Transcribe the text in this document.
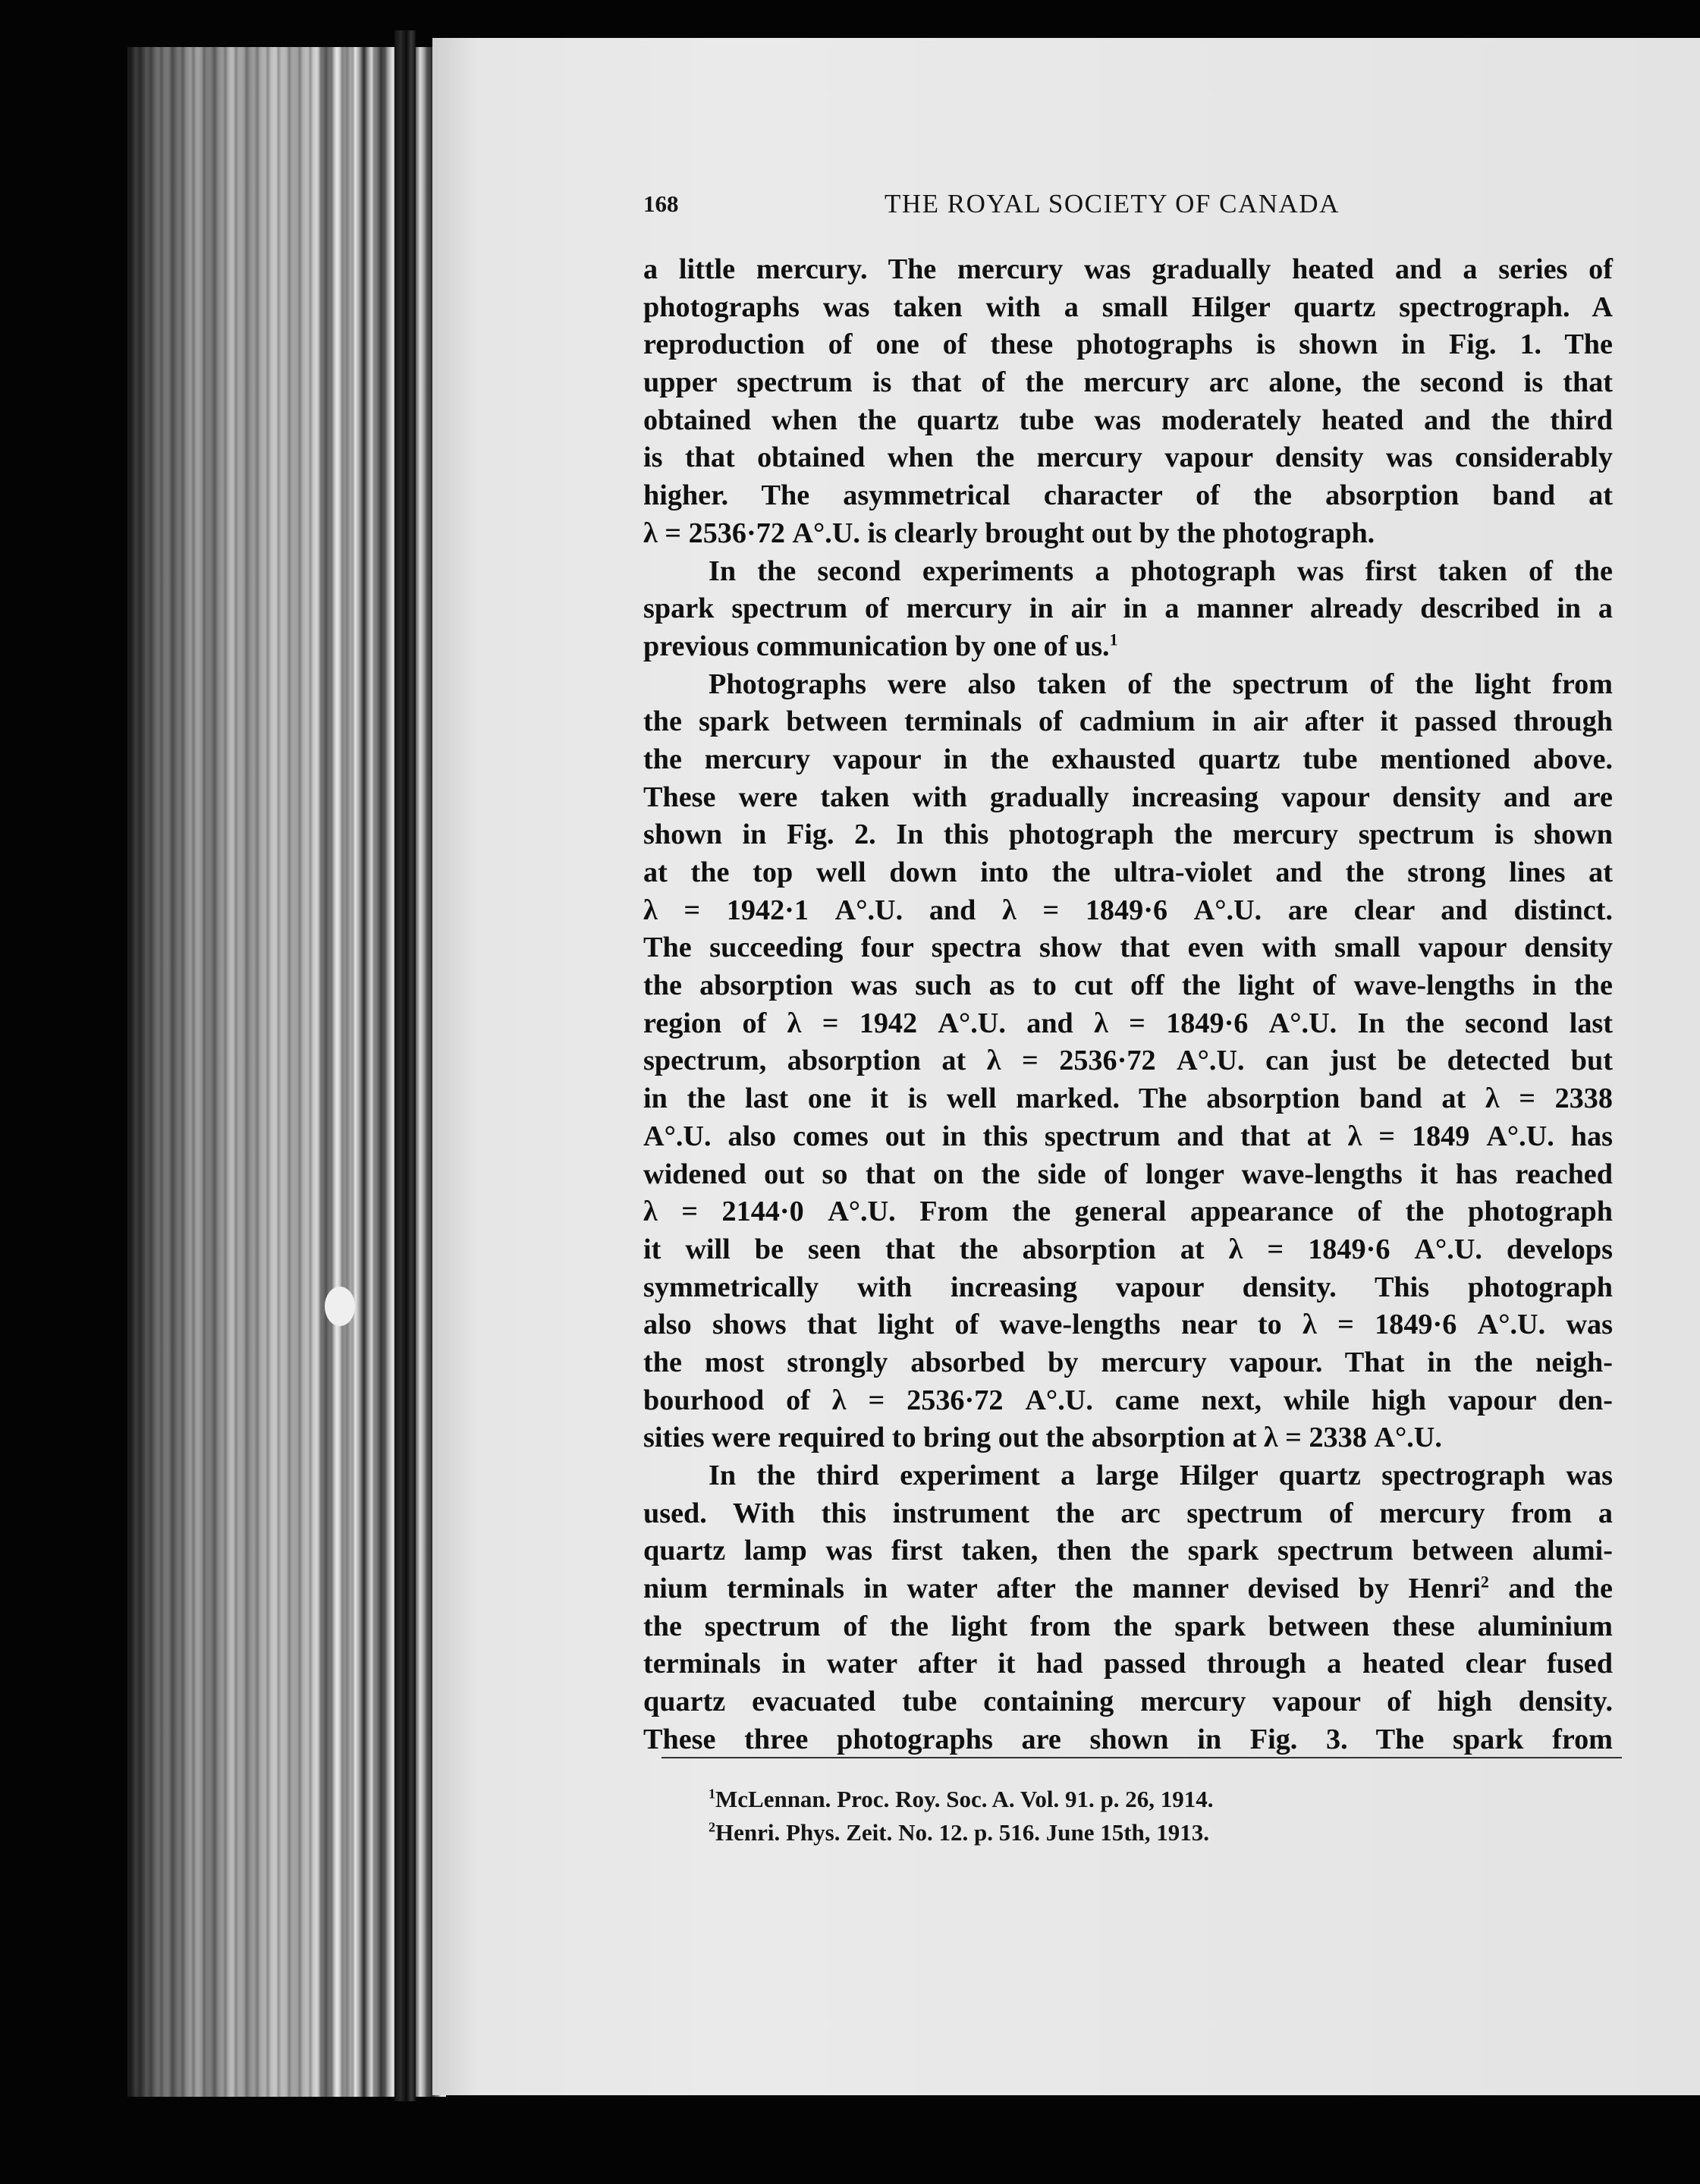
168	THE ROYAL SOCIETY OF CANADA
a little mercury. The mercury was gradually heated and a series of
photographs was taken with a small Hilger quartz spectrograph. A
reproduction of one of these photographs is shown in Fig. 1. The
upper spectrum is that of the mercury arc alone, the second is that
obtained when the quartz tube was moderately heated and the third
is that obtained when the mercury vapour density was considerably
higher. The asymmetrical character of the absorption band at
λ = 2536·72 A°.U. is clearly brought out by the photograph.
In the second experiments a photograph was first taken of the
spark spectrum of mercury in air in a manner already described in a
previous communication by one of us.$^1$
Photographs were also taken of the spectrum of the light from
the spark between terminals of cadmium in air after it passed through
the mercury vapour in the exhausted quartz tube mentioned above.
These were taken with gradually increasing vapour density and are
shown in Fig. 2. In this photograph the mercury spectrum is shown
at the top well down into the ultra-violet and the strong lines at
λ = 1942·1 A°.U. and λ = 1849·6 A°.U. are clear and distinct.
The succeeding four spectra show that even with small vapour density
the absorption was such as to cut off the light of wave-lengths in the
region of λ = 1942 A°.U. and λ = 1849·6 A°.U. In the second last
spectrum, absorption at λ = 2536·72 A°.U. can just be detected but
in the last one it is well marked. The absorption band at λ = 2338
A°.U. also comes out in this spectrum and that at λ = 1849 A°.U. has
widened out so that on the side of longer wave-lengths it has reached
λ = 2144·0 A°.U. From the general appearance of the photograph
it will be seen that the absorption at λ = 1849·6 A°.U. develops
symmetrically with increasing vapour density. This photograph
also shows that light of wave-lengths near to λ = 1849·6 A°.U. was
the most strongly absorbed by mercury vapour. That in the neigh-
bourhood of λ = 2536·72 A°.U. came next, while high vapour den-
sities were required to bring out the absorption at λ = 2338 A°.U.
In the third experiment a large Hilger quartz spectrograph was
used. With this instrument the arc spectrum of mercury from a
quartz lamp was first taken, then the spark spectrum between alumi-
nium terminals in water after the manner devised by Henri$^2$ and the
the spectrum of the light from the spark between these aluminium
terminals in water after it had passed through a heated clear fused
quartz evacuated tube containing mercury vapour of high density.
These three photographs are shown in Fig. 3. The spark from
$^1$McLennan. Proc. Roy. Soc. A. Vol. 91. p. 26, 1914.
$^2$Henri. Phys. Zeit. No. 12. p. 516. June 15th, 1913.
